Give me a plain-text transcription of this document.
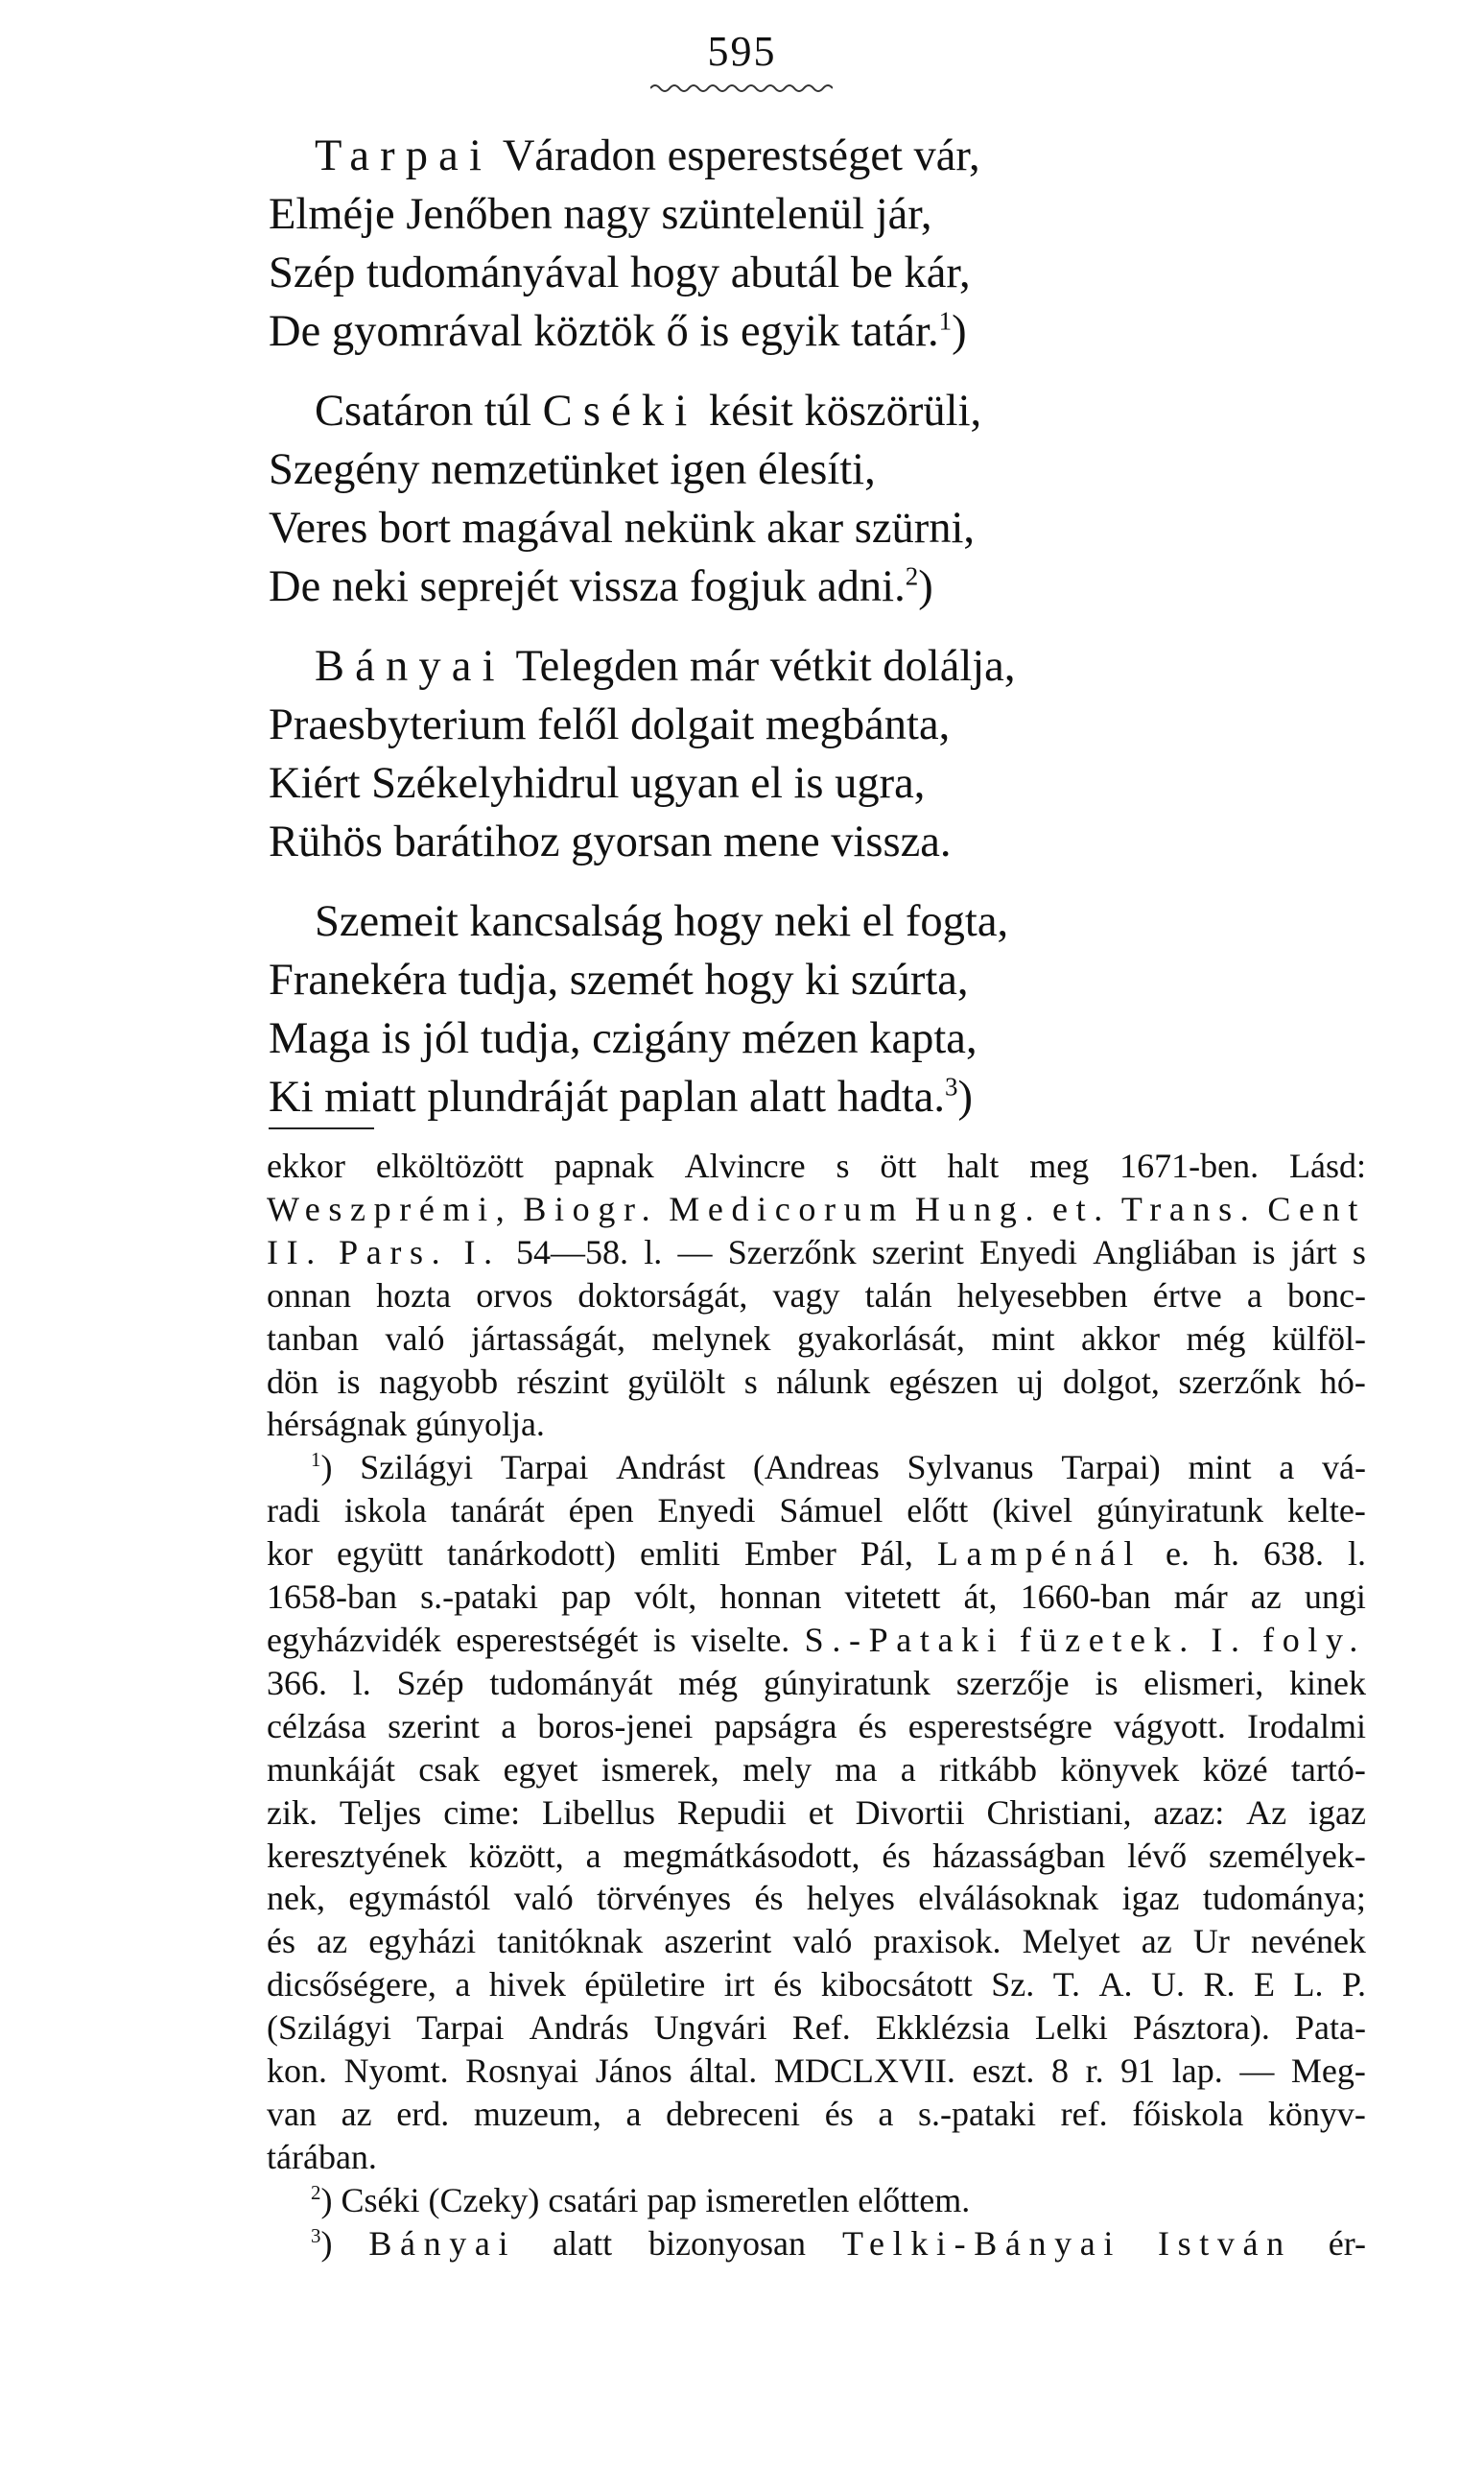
595
Tarpai Váradon esperestséget vár,
Elméje Jenőben nagy szüntelenül jár,
Szép tudományával hogy abutál be kár,
De gyomrával köztök ő is egyik tatár.$^1$)
Csatáron túl Cséki késit köszörüli,
Szegény nemzetünket igen élesíti,
Veres bort magával nekünk akar szürni,
De neki seprejét vissza fogjuk adni.$^2$)
Bányai Telegden már vétkit dolálja,
Praesbyterium felől dolgait megbánta,
Kiért Székelyhidrul ugyan el is ugra,
Rühös barátihoz gyorsan mene vissza.
Szemeit kancsalság hogy neki el fogta,
Franekéra tudja, szemét hogy ki szúrta,
Maga is jól tudja, czigány mézen kapta,
Ki miatt plundráját paplan alatt hadta.$^3$)
ekkor elköltözött papnak Alvincre s ött halt meg 1671-ben. Lásd:
Weszprémi, Biogr. Medicorum Hung. et. Trans. Cent
II. Pars. I. 54—58. l. — Szerzőnk szerint Enyedi Angliában is járt s
onnan hozta orvos doktorságát, vagy talán helyesebben értve a bonc-
tanban való jártasságát, melynek gyakorlását, mint akkor még külföl-
dön is nagyobb részint gyülölt s nálunk egészen uj dolgot, szerzőnk hó-
hérságnak gúnyolja.
$^1$) Szilágyi Tarpai Andrást (Andreas Sylvanus Tarpai) mint a vá-
radi iskola tanárát épen Enyedi Sámuel előtt (kivel gúnyiratunk kelte-
kor együtt tanárkodott) emliti Ember Pál, Lampénál e. h. 638. l.
1658-ban s.-pataki pap vólt, honnan vitetett át, 1660-ban már az ungi
egyházvidék esperestségét is viselte. S.-Pataki füzetek. I. foly.
366. l. Szép tudományát még gúnyiratunk szerzője is elismeri, kinek
célzása szerint a boros-jenei papságra és esperestségre vágyott. Irodalmi
munkáját csak egyet ismerek, mely ma a ritkább könyvek közé tartó-
zik. Teljes cime: Libellus Repudii et Divortii Christiani, azaz: Az igaz
keresztyének között, a megmátkásodott, és házasságban lévő személyek-
nek, egymástól való törvényes és helyes elválásoknak igaz tudománya;
és az egyházi tanitóknak aszerint való praxisok. Melyet az Ur nevének
dicsőségere, a hivek épületire irt és kibocsátott Sz. T. A. U. R. E L. P.
(Szilágyi Tarpai András Ungvári Ref. Ekklézsia Lelki Pásztora). Pata-
kon. Nyomt. Rosnyai János által. MDCLXVII. eszt. 8 r. 91 lap. — Meg-
van az erd. muzeum, a debreceni és a s.-pataki ref. főiskola könyv-
tárában.
$^2$) Cséki (Czeky) csatári pap ismeretlen előttem.
$^3$) Bányai alatt bizonyosan Telki-Bányai István ér-
